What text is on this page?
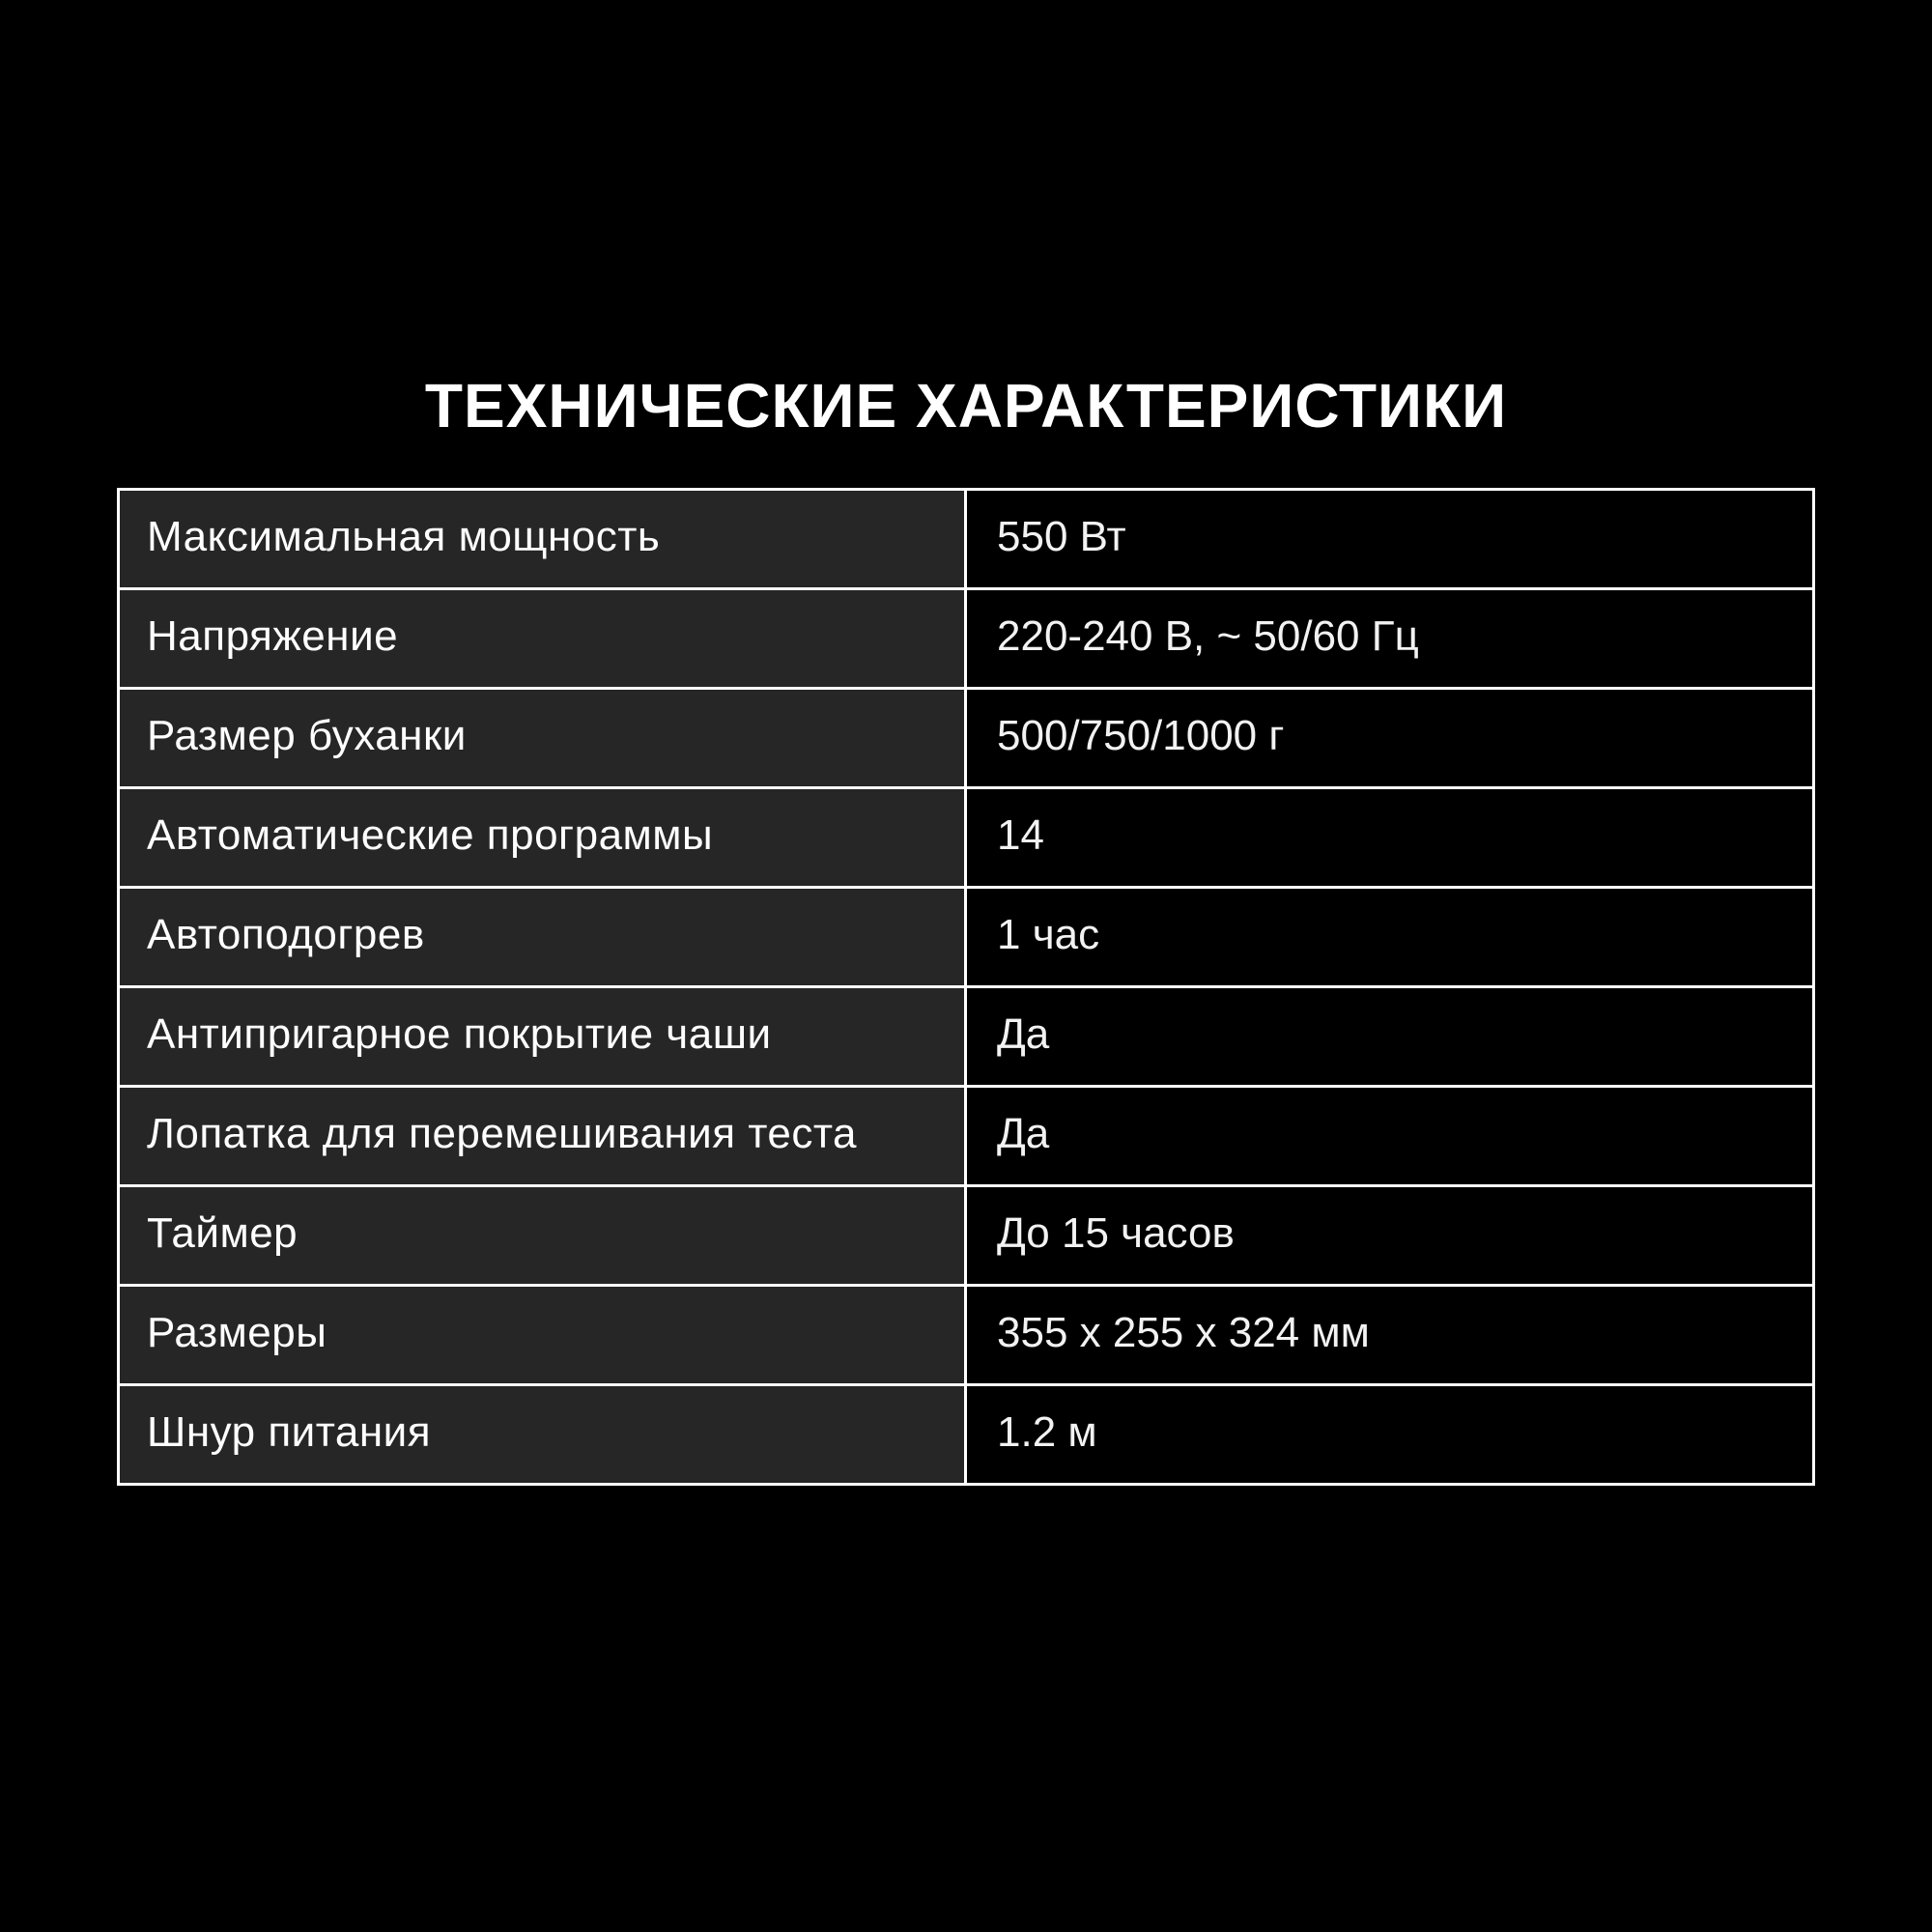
ТЕХНИЧЕСКИЕ ХАРАКТЕРИСТИКИ
Максимальная мощность	550 Вт
Напряжение	220-240 В, ~ 50/60 Гц
Размер буханки	500/750/1000 г
Автоматические программы	14
Автоподогрев	1 час
Антипригарное покрытие чаши	Да
Лопатка для перемешивания теста	Да
Таймер	До 15 часов
Размеры	355 x 255 x 324 мм
Шнур питания	1.2 м
